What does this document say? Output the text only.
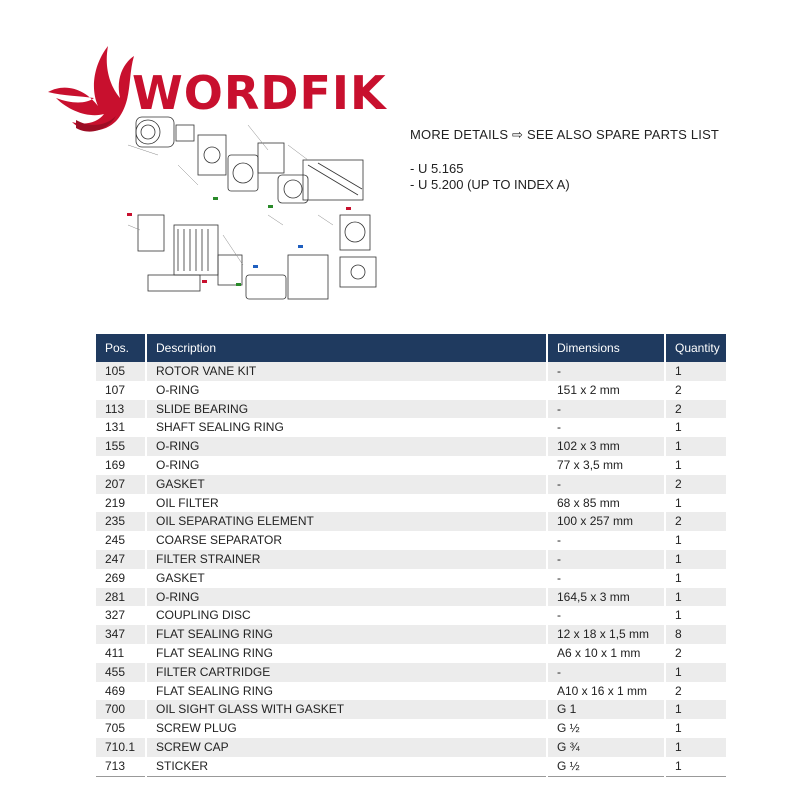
WORDFIK
MORE DETAILS ⇨ SEE ALSO SPARE PARTS LIST
- U 5.165
- U 5.200 (UP TO INDEX A)
Pos.	Description	Dimensions	Quantity
105	ROTOR VANE KIT	-	1
107	O-RING	151 x 2 mm	2
113	SLIDE BEARING	-	2
131	SHAFT SEALING RING	-	1
155	O-RING	102 x 3 mm	1
169	O-RING	77 x 3,5 mm	1
207	GASKET	-	2
219	OIL FILTER	68 x 85 mm	1
235	OIL SEPARATING ELEMENT	100 x 257 mm	2
245	COARSE SEPARATOR	-	1
247	FILTER STRAINER	-	1
269	GASKET	-	1
281	O-RING	164,5 x 3 mm	1
327	COUPLING DISC	-	1
347	FLAT SEALING RING	12 x 18 x 1,5 mm	8
411	FLAT SEALING RING	A6 x 10 x 1 mm	2
455	FILTER CARTRIDGE	-	1
469	FLAT SEALING RING	A10 x 16 x 1 mm	2
700	OIL SIGHT GLASS WITH GASKET	G 1	1
705	SCREW PLUG	G ½	1
710.1	SCREW CAP	G ¾	1
713	STICKER	G ½	1
